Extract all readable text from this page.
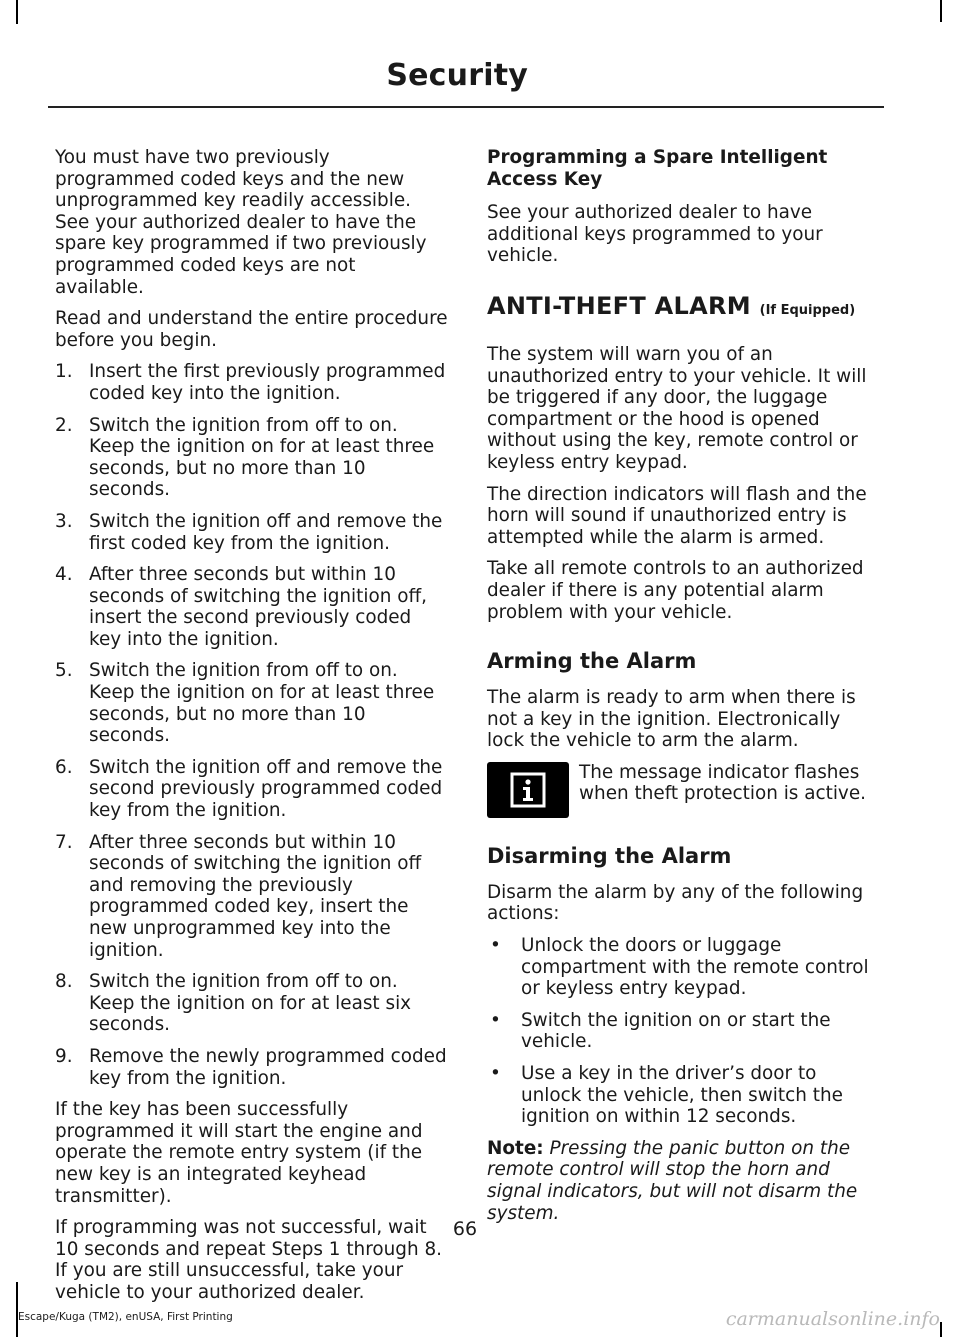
Security

You must have two previously programmed coded keys and the new unprogrammed key readily accessible. See your authorized dealer to have the spare key programmed if two previously programmed coded keys are not available.

Read and understand the entire procedure before you begin.

1. Insert the first previously programmed coded key into the ignition.
2. Switch the ignition from off to on. Keep the ignition on for at least three seconds, but no more than 10 seconds.
3. Switch the ignition off and remove the first coded key from the ignition.
4. After three seconds but within 10 seconds of switching the ignition off, insert the second previously coded key into the ignition.
5. Switch the ignition from off to on. Keep the ignition on for at least three seconds, but no more than 10 seconds.
6. Switch the ignition off and remove the second previously programmed coded key from the ignition.
7. After three seconds but within 10 seconds of switching the ignition off and removing the previously programmed coded key, insert the new unprogrammed key into the ignition.
8. Switch the ignition from off to on. Keep the ignition on for at least six seconds.
9. Remove the newly programmed coded key from the ignition.

If the key has been successfully programmed it will start the engine and operate the remote entry system (if the new key is an integrated keyhead transmitter).

If programming was not successful, wait 10 seconds and repeat Steps 1 through 8. If you are still unsuccessful, take your vehicle to your authorized dealer.

Programming a Spare Intelligent Access Key

See your authorized dealer to have additional keys programmed to your vehicle.

ANTI-THEFT ALARM (If Equipped)

The system will warn you of an unauthorized entry to your vehicle. It will be triggered if any door, the luggage compartment or the hood is opened without using the key, remote control or keyless entry keypad.

The direction indicators will flash and the horn will sound if unauthorized entry is attempted while the alarm is armed.

Take all remote controls to an authorized dealer if there is any potential alarm problem with your vehicle.

Arming the Alarm

The alarm is ready to arm when there is not a key in the ignition. Electronically lock the vehicle to arm the alarm.

The message indicator flashes when theft protection is active.
Disarming the Alarm

Disarm the alarm by any of the following actions:

• Unlock the doors or luggage compartment with the remote control or keyless entry keypad.
• Switch the ignition on or start the vehicle.
• Use a key in the driver’s door to unlock the vehicle, then switch the ignition on within 12 seconds.

Note: Pressing the panic button on the remote control will stop the horn and signal indicators, but will not disarm the system.

66
Escape/Kuga (TM2), enUSA, First Printing	carmanualsonline.info
